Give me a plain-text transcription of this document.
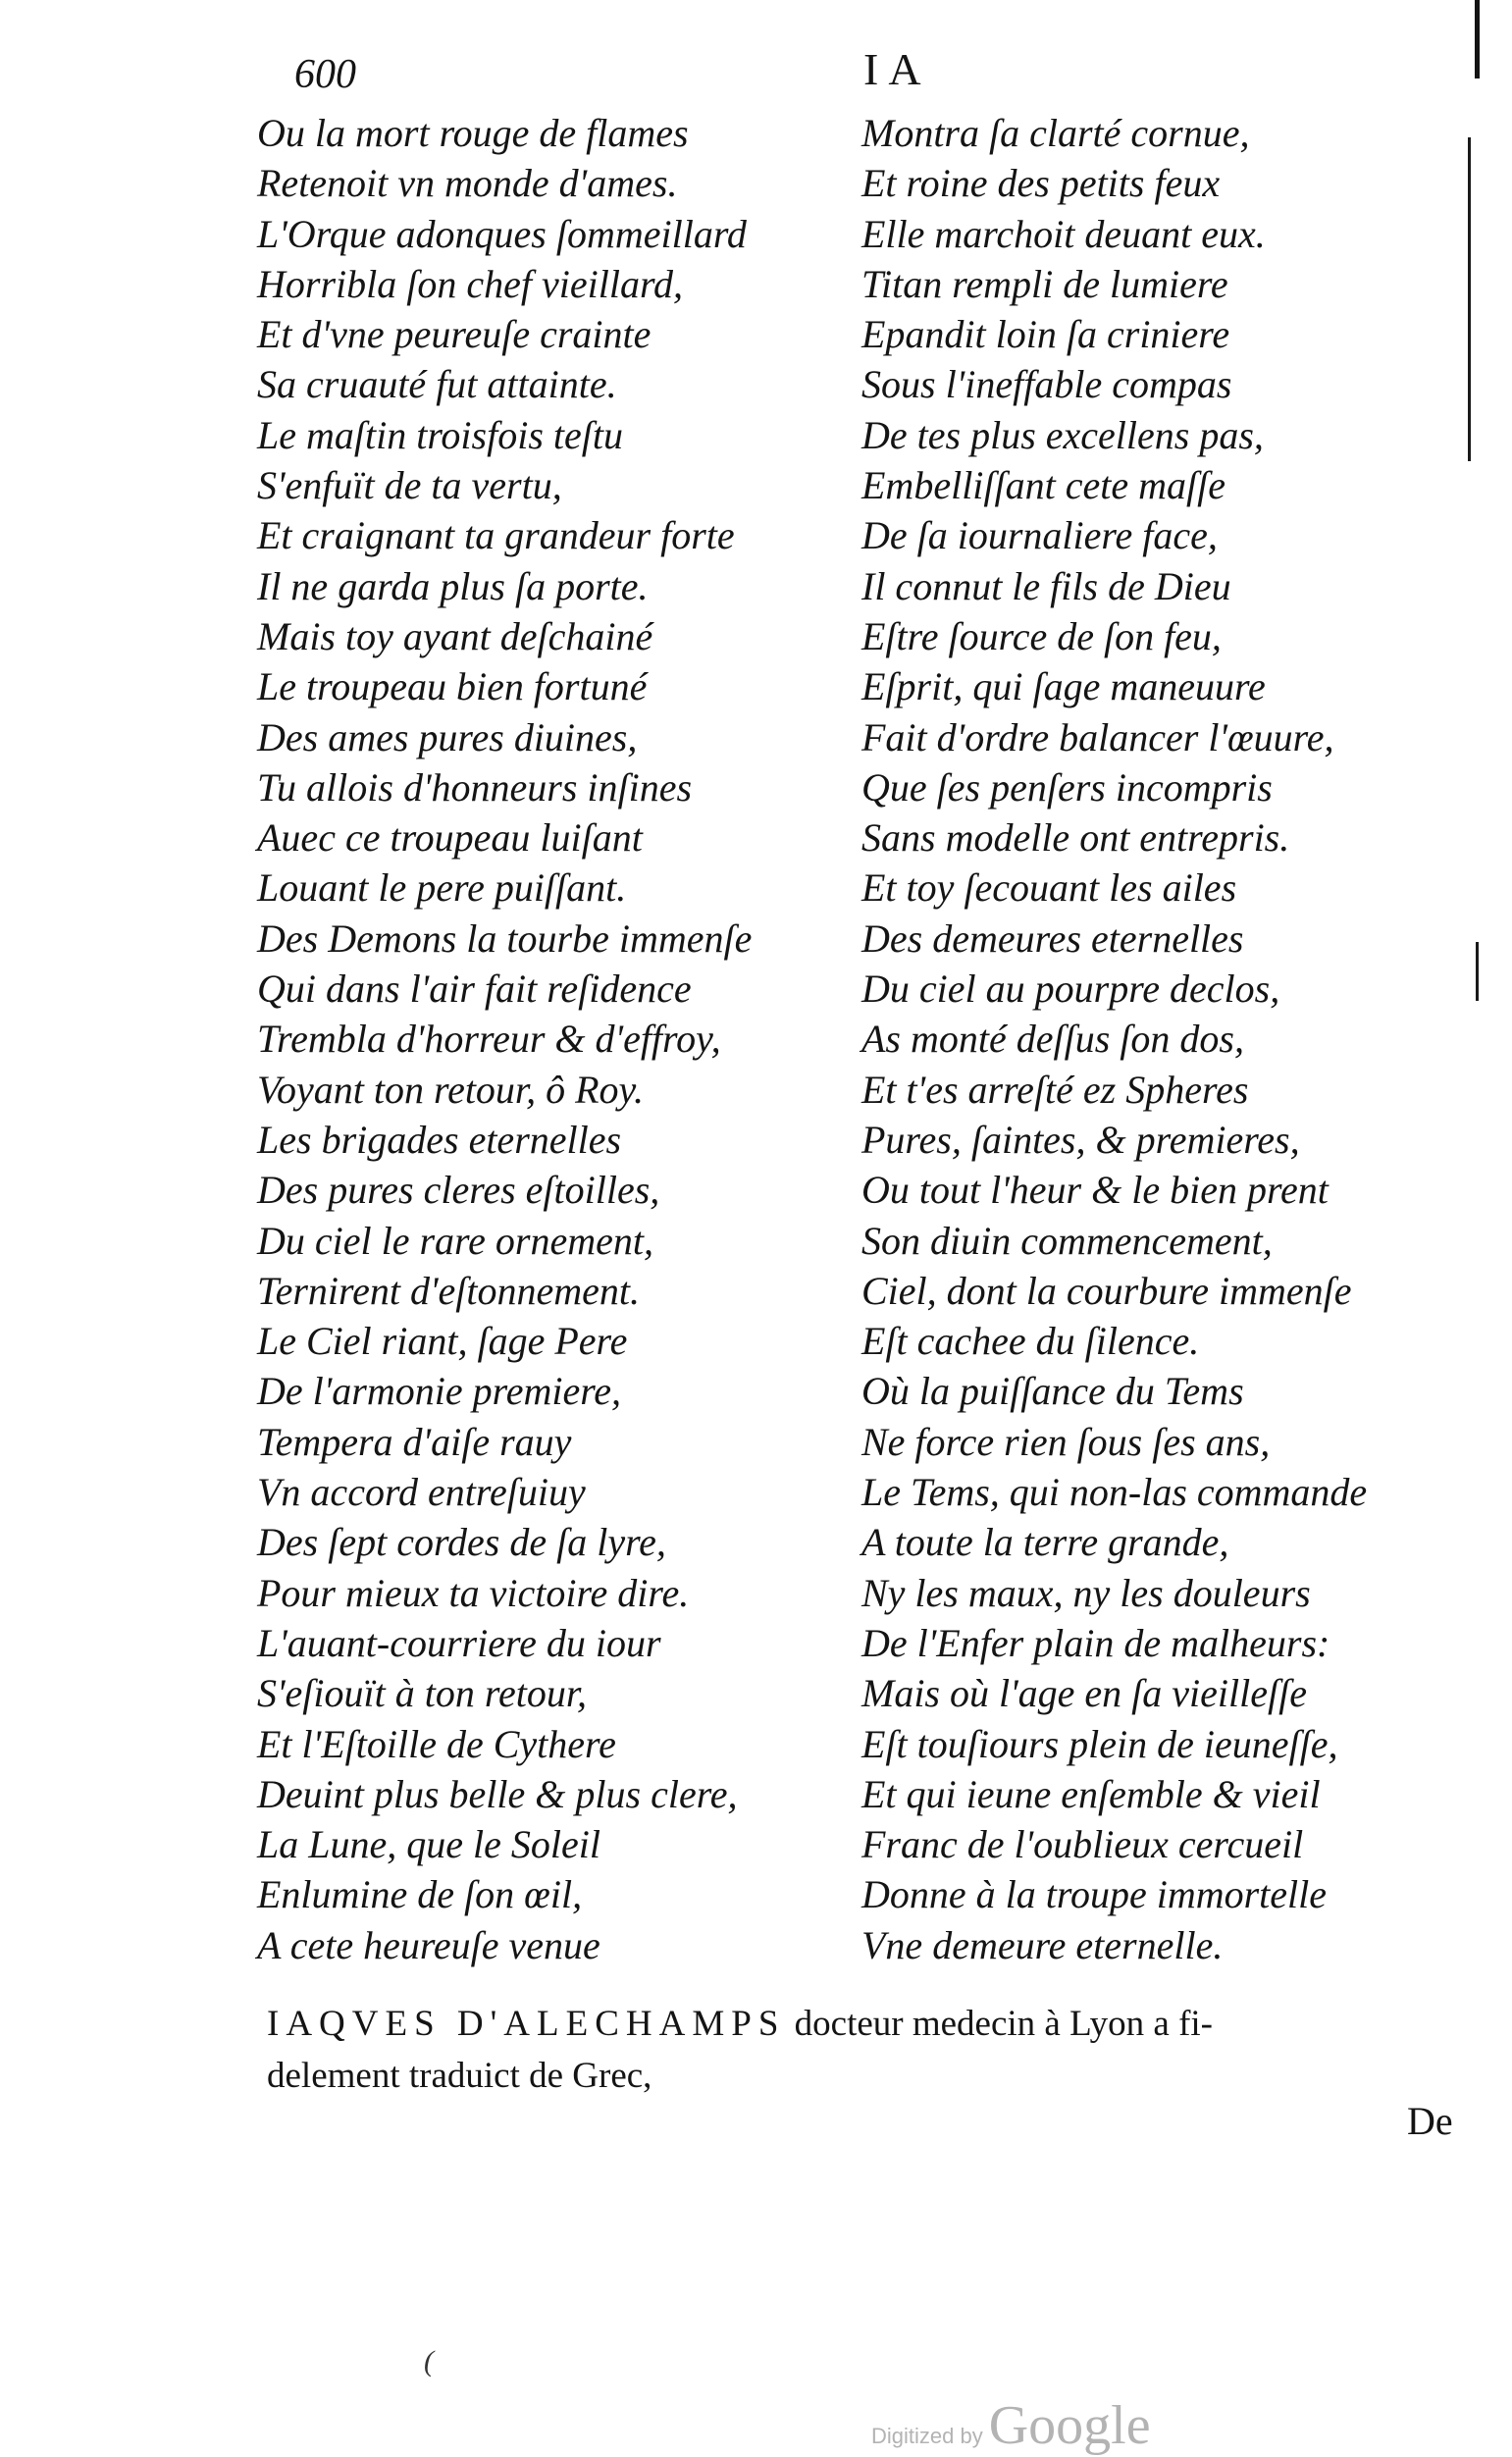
600	IA
Ou la mort rouge de flames
Retenoit vn monde d'ames.
L'Orque adonques ſommeillard
Horribla ſon chef vieillard,
Et d'vne peureuſe crainte
Sa cruauté fut attainte.
Le maſtin troisfois teſtu
S'enfuït de ta vertu,
Et craignant ta grandeur forte
Il ne garda plus ſa porte.
Mais toy ayant deſchainé
Le troupeau bien fortuné
Des ames pures diuines,
Tu allois d'honneurs inſines
Auec ce troupeau luiſant
Louant le pere puiſſant.
Des Demons la tourbe immenſe
Qui dans l'air fait reſidence
Trembla d'horreur & d'effroy,
Voyant ton retour, ô Roy.
Les brigades eternelles
Des pures cleres eſtoilles,
Du ciel le rare ornement,
Ternirent d'eſtonnement.
Le Ciel riant, ſage Pere
De l'armonie premiere,
Tempera d'aiſe rauy
Vn accord entreſuiuy
Des ſept cordes de ſa lyre,
Pour mieux ta victoire dire.
L'auant-courriere du iour
S'eſiouït à ton retour,
Et l'Eſtoille de Cythere
Deuint plus belle & plus clere,
La Lune, que le Soleil
Enlumine de ſon œil,
A cete heureuſe venue
Montra ſa clarté cornue,
Et roine des petits feux
Elle marchoit deuant eux.
Titan rempli de lumiere
Epandit loin ſa criniere
Sous l'ineffable compas
De tes plus excellens pas,
Embelliſſant cete maſſe
De ſa iournaliere face,
Il connut le fils de Dieu
Eſtre ſource de ſon feu,
Eſprit, qui ſage maneuure
Fait d'ordre balancer l'œuure,
Que ſes penſers incompris
Sans modelle ont entrepris.
Et toy ſecouant les ailes
Des demeures eternelles
Du ciel au pourpre declos,
As monté deſſus ſon dos,
Et t'es arreſté ez Spheres
Pures, ſaintes, & premieres,
Ou tout l'heur & le bien prent
Son diuin commencement,
Ciel, dont la courbure immenſe
Eſt cachee du ſilence.
Où la puiſſance du Tems
Ne force rien ſous ſes ans,
Le Tems, qui non-las commande
A toute la terre grande,
Ny les maux, ny les douleurs
De l'Enfer plain de malheurs:
Mais où l'age en ſa vieilleſſe
Eſt touſiours plein de ieuneſſe,
Et qui ieune enſemble & vieil
Franc de l'oublieux cercueil
Donne à la troupe immortelle
Vne demeure eternelle.
IAQVES D'ALECHAMPS docteur medecin à Lyon a fi-
delement traduict de Grec,
De
(
Digitized by Google
